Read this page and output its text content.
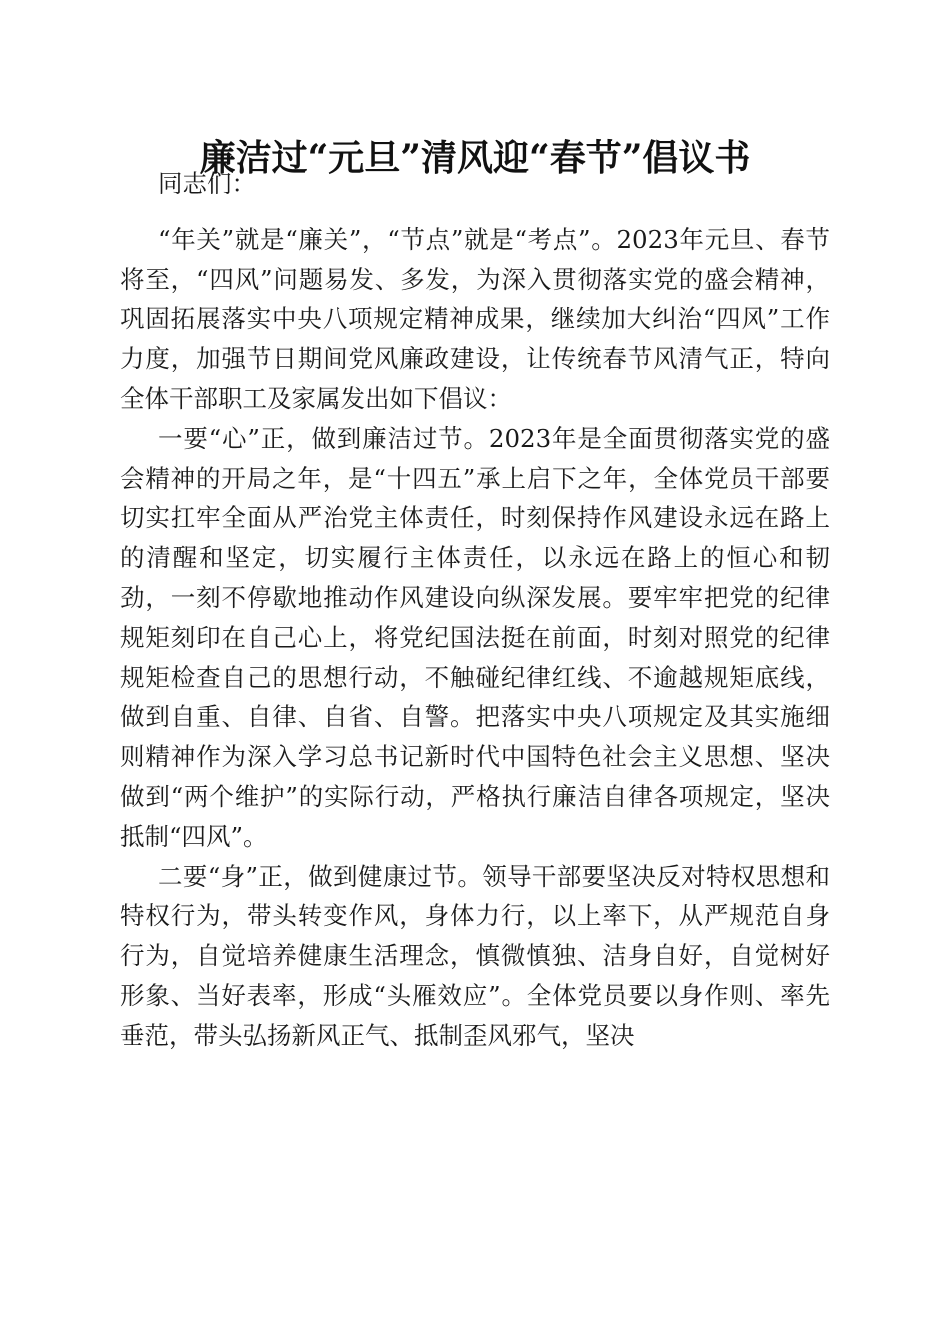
廉洁过“元旦”清风迎“春节”倡议书

同志们：

“年关”就是“廉关”，“节点”就是“考点”。2023年元旦、春节将至，“四风”问题易发、多发，为深入贯彻落实党的盛会精神，巩固拓展落实中央八项规定精神成果，继续加大纠治“四风”工作力度，加强节日期间党风廉政建设，让传统春节风清气正，特向全体干部职工及家属发出如下倡议：

一要“心”正，做到廉洁过节。2023年是全面贯彻落实党的盛会精神的开局之年，是“十四五”承上启下之年，全体党员干部要切实扛牢全面从严治党主体责任，时刻保持作风建设永远在路上的清醒和坚定，切实履行主体责任，以永远在路上的恒心和韧劲，一刻不停歇地推动作风建设向纵深发展。要牢牢把党的纪律规矩刻印在自己心上，将党纪国法挺在前面，时刻对照党的纪律规矩检查自己的思想行动，不触碰纪律红线、不逾越规矩底线，做到自重、自律、自省、自警。把落实中央八项规定及其实施细则精神作为深入学习总书记新时代中国特色社会主义思想、坚决做到“两个维护”的实际行动，严格执行廉洁自律各项规定，坚决抵制“四风”。

二要“身”正，做到健康过节。领导干部要坚决反对特权思想和特权行为，带头转变作风，身体力行，以上率下，从严规范自身行为，自觉培养健康生活理念，慎微慎独、洁身自好，自觉树好形象、当好表率，形成“头雁效应”。全体党员要以身作则、率先垂范，带头弘扬新风正气、抵制歪风邪气，坚决
